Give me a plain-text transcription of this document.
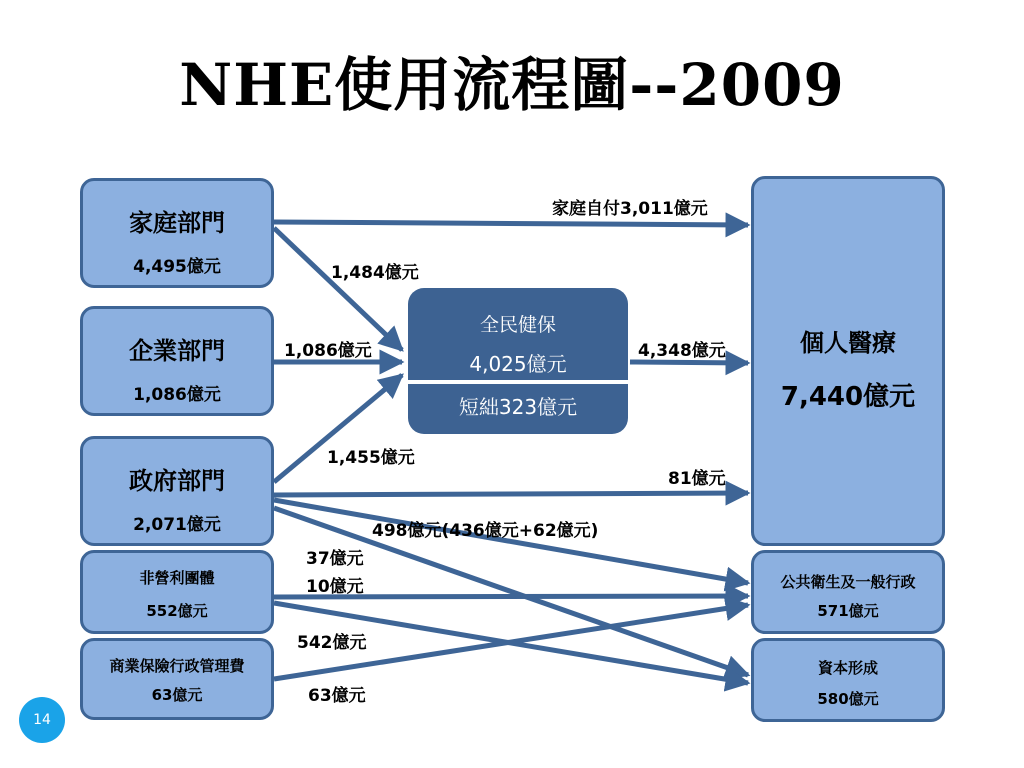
NHE使用流程圖--2009
家庭部門
4,495億元
企業部門
1,086億元
政府部門
2,071億元
非營利團體
552億元
商業保險行政管理費
63億元
全民健保
4,025億元
短絀323億元
個人醫療
7,440億元
公共衛生及一般行政
571億元
資本形成
580億元
家庭自付3,011億元
1,484億元
1,086億元	4,348億元
1,455億元
81億元
498億元(436億元+62億元)
37億元
10億元
542億元
63億元
14
